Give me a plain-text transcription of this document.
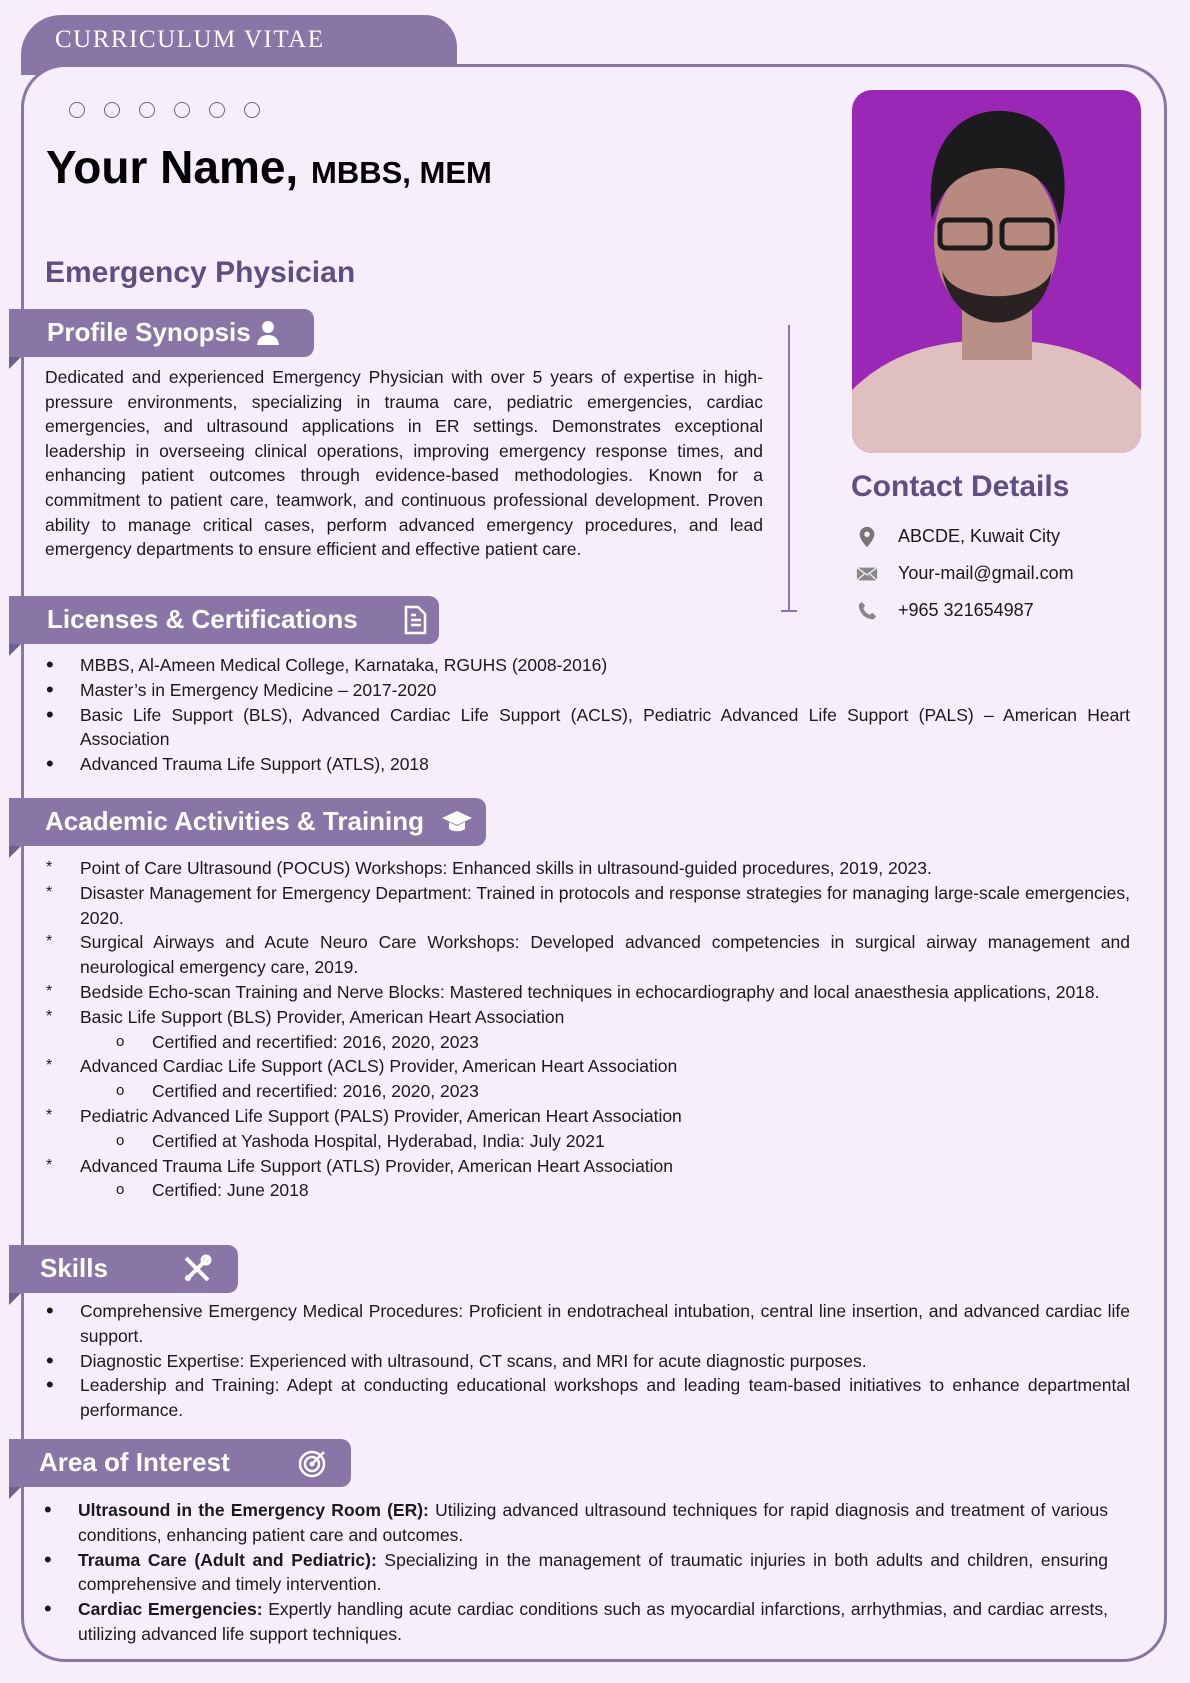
CURRICULUM VITAE
Your Name, MBBS, MEM
Emergency Physician
Profile Synopsis
Dedicated and experienced Emergency Physician with over 5 years of expertise in high-pressure environments, specializing in trauma care, pediatric emergencies, cardiac emergencies, and ultrasound applications in ER settings. Demonstrates exceptional leadership in overseeing clinical operations, improving emergency response times, and enhancing patient outcomes through evidence-based methodologies. Known for a commitment to patient care, teamwork, and continuous professional development. Proven ability to manage critical cases, perform advanced emergency procedures, and lead emergency departments to ensure efficient and effective patient care.
Contact Details
ABCDE, Kuwait City
Your-mail@gmail.com
+965 321654987
Licenses & Certifications
• MBBS, Al-Ameen Medical College, Karnataka, RGUHS (2008-2016)
• Master’s in Emergency Medicine – 2017-2020
• Basic Life Support (BLS), Advanced Cardiac Life Support (ACLS), Pediatric Advanced Life Support (PALS) – American Heart Association
• Advanced Trauma Life Support (ATLS), 2018
Academic Activities & Training
* Point of Care Ultrasound (POCUS) Workshops: Enhanced skills in ultrasound-guided procedures, 2019, 2023.
* Disaster Management for Emergency Department: Trained in protocols and response strategies for managing large-scale emergencies, 2020.
* Surgical Airways and Acute Neuro Care Workshops: Developed advanced competencies in surgical airway management and neurological emergency care, 2019.
* Bedside Echo-scan Training and Nerve Blocks: Mastered techniques in echocardiography and local anaesthesia applications, 2018.
* Basic Life Support (BLS) Provider, American Heart Association
o Certified and recertified: 2016, 2020, 2023
* Advanced Cardiac Life Support (ACLS) Provider, American Heart Association
o Certified and recertified: 2016, 2020, 2023
* Pediatric Advanced Life Support (PALS) Provider, American Heart Association
o Certified at Yashoda Hospital, Hyderabad, India: July 2021
* Advanced Trauma Life Support (ATLS) Provider, American Heart Association
o Certified: June 2018
Skills
• Comprehensive Emergency Medical Procedures: Proficient in endotracheal intubation, central line insertion, and advanced cardiac life support.
• Diagnostic Expertise: Experienced with ultrasound, CT scans, and MRI for acute diagnostic purposes.
• Leadership and Training: Adept at conducting educational workshops and leading team-based initiatives to enhance departmental performance.
Area of Interest
• Ultrasound in the Emergency Room (ER): Utilizing advanced ultrasound techniques for rapid diagnosis and treatment of various conditions, enhancing patient care and outcomes.
• Trauma Care (Adult and Pediatric): Specializing in the management of traumatic injuries in both adults and children, ensuring comprehensive and timely intervention.
• Cardiac Emergencies: Expertly handling acute cardiac conditions such as myocardial infarctions, arrhythmias, and cardiac arrests, utilizing advanced life support techniques.
